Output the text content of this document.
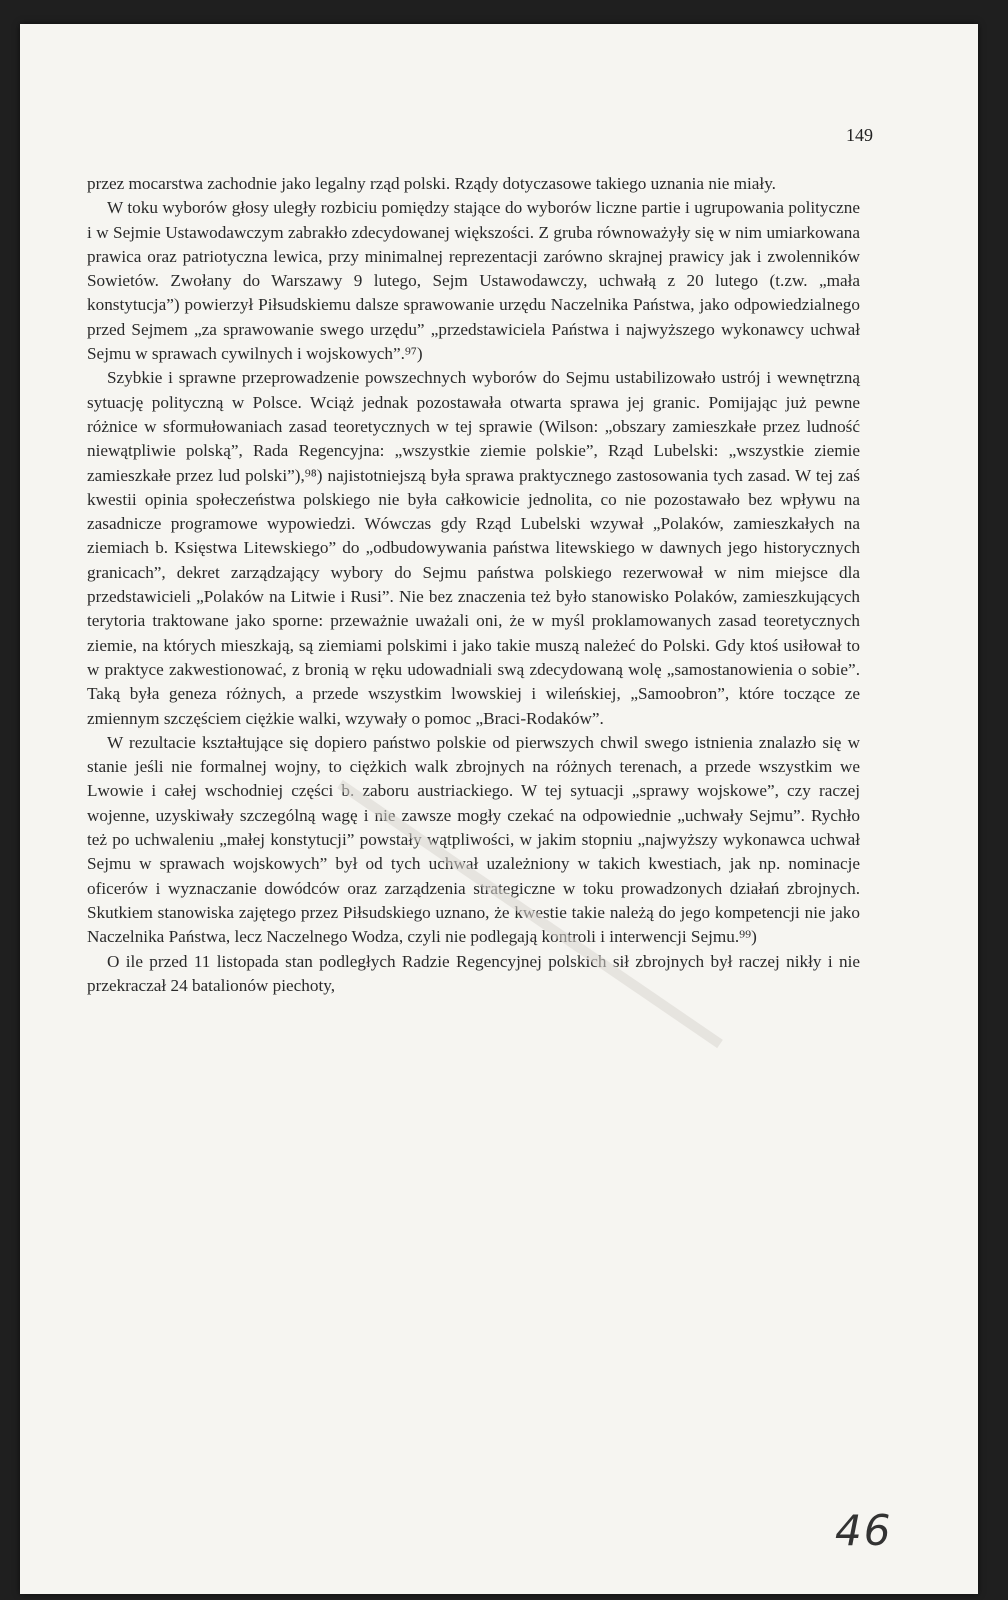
149

przez mocarstwa zachodnie jako legalny rząd polski. Rządy dotyczasowe takiego uznania nie miały.

W toku wyborów głosy uległy rozbiciu pomiędzy stające do wyborów liczne partie i ugrupowania polityczne i w Sejmie Ustawodawczym zabrakło zdecydowanej większości. Z gruba równoważyły się w nim umiarkowana prawica oraz patriotyczna lewica, przy minimalnej reprezentacji zarówno skrajnej prawicy jak i zwolenników Sowietów. Zwołany do Warszawy 9 lutego, Sejm Ustawodawczy, uchwałą z 20 lutego (t.zw. „mała konstytucja”) powierzył Piłsudskiemu dalsze sprawowanie urzędu Naczelnika Państwa, jako odpowiedzialnego przed Sejmem „za sprawowanie swego urzędu” „przedstawiciela Państwa i najwyższego wykonawcy uchwał Sejmu w sprawach cywilnych i wojskowych”.⁹⁷)

Szybkie i sprawne przeprowadzenie powszechnych wyborów do Sejmu ustabilizowało ustrój i wewnętrzną sytuację polityczną w Polsce. Wciąż jednak pozostawała otwarta sprawa jej granic. Pomijając już pewne różnice w sformułowaniach zasad teoretycznych w tej sprawie (Wilson: „obszary zamieszkałe przez ludność niewątpliwie polską”, Rada Regencyjna: „wszystkie ziemie polskie”, Rząd Lubelski: „wszystkie ziemie zamieszkałe przez lud polski”),⁹⁸) najistotniejszą była sprawa praktycznego zastosowania tych zasad. W tej zaś kwestii opinia społeczeństwa polskiego nie była całkowicie jednolita, co nie pozostawało bez wpływu na zasadnicze programowe wypowiedzi. Wówczas gdy Rząd Lubelski wzywał „Polaków, zamieszkałych na ziemiach b. Księstwa Litewskiego” do „odbudowywania państwa litewskiego w dawnych jego historycznych granicach”, dekret zarządzający wybory do Sejmu państwa polskiego rezerwował w nim miejsce dla przedstawicieli „Polaków na Litwie i Rusi”. Nie bez znaczenia też było stanowisko Polaków, zamieszkujących terytoria traktowane jako sporne: przeważnie uważali oni, że w myśl proklamowanych zasad teoretycznych ziemie, na których mieszkają, są ziemiami polskimi i jako takie muszą należeć do Polski. Gdy ktoś usiłował to w praktyce zakwestionować, z bronią w ręku udowadniali swą zdecydowaną wolę „samostanowienia o sobie”. Taką była geneza różnych, a przede wszystkim lwowskiej i wileńskiej, „Samoobron”, które toczące ze zmiennym szczęściem ciężkie walki, wzywały o pomoc „Braci-Rodaków”.

W rezultacie kształtujące się dopiero państwo polskie od pierwszych chwil swego istnienia znalazło się w stanie jeśli nie formalnej wojny, to ciężkich walk zbrojnych na różnych terenach, a przede wszystkim we Lwowie i całej wschodniej części b. zaboru austriackiego. W tej sytuacji „sprawy wojskowe”, czy raczej wojenne, uzyskiwały szczególną wagę i nie zawsze mogły czekać na odpowiednie „uchwały Sejmu”. Rychło też po uchwaleniu „małej konstytucji” powstały wątpliwości, w jakim stopniu „najwyższy wykonawca uchwał Sejmu w sprawach wojskowych” był od tych uchwał uzależniony w takich kwestiach, jak np. nominacje oficerów i wyznaczanie dowódców oraz zarządzenia strategiczne w toku prowadzonych działań zbrojnych. Skutkiem stanowiska zajętego przez Piłsudskiego uznano, że kwestie takie należą do jego kompetencji nie jako Naczelnika Państwa, lecz Naczelnego Wodza, czyli nie podlegają kontroli i interwencji Sejmu.⁹⁹)

O ile przed 11 listopada stan podległych Radzie Regencyjnej polskich sił zbrojnych był raczej nikły i nie przekraczał 24 batalionów piechoty,

46
